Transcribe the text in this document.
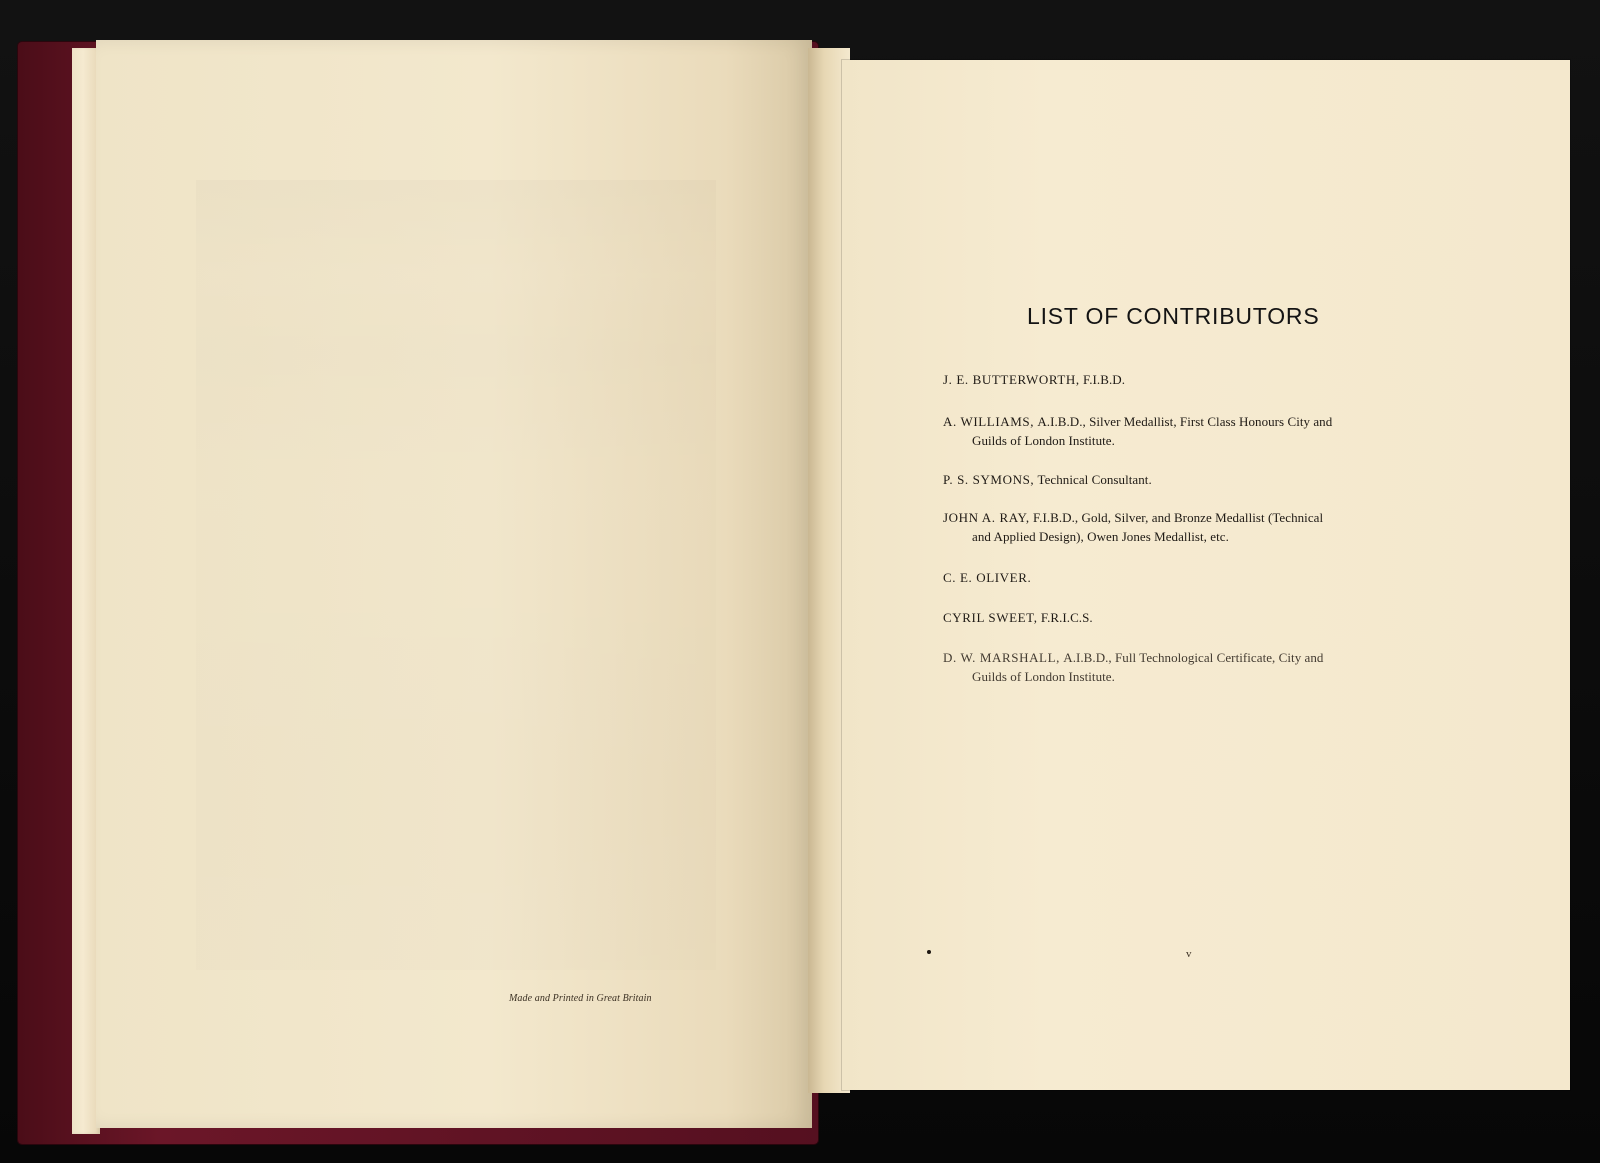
Made and Printed in Great Britain
LIST OF CONTRIBUTORS
J. E. BUTTERWORTH, F.I.B.D.
A. WILLIAMS, A.I.B.D., Silver Medallist, First Class Honours City and
Guilds of London Institute.
P. S. SYMONS, Technical Consultant.
JOHN A. RAY, F.I.B.D., Gold, Silver, and Bronze Medallist (Technical
and Applied Design), Owen Jones Medallist, etc.
C. E. OLIVER.
CYRIL SWEET, F.R.I.C.S.
D. W. MARSHALL, A.I.B.D., Full Technological Certificate, City and
Guilds of London Institute.
v
